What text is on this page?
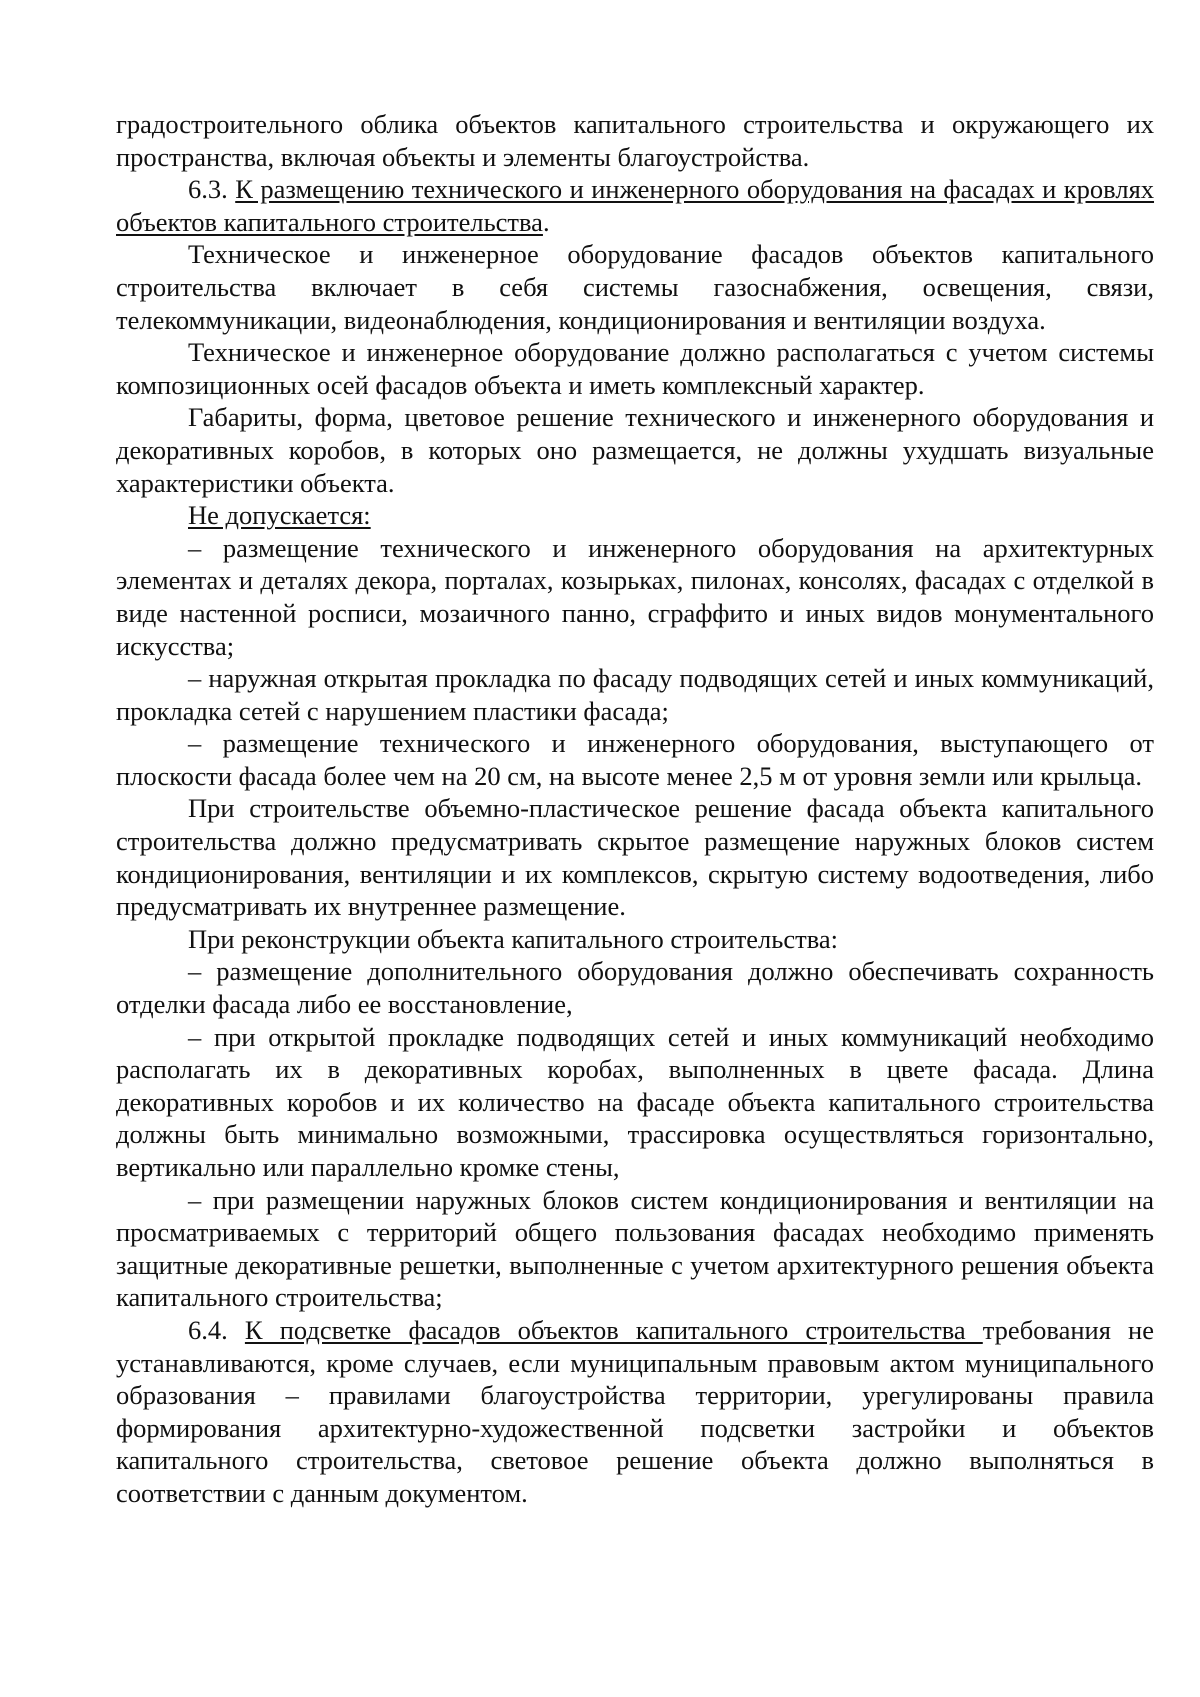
градостроительного облика объектов капитального строительства и окружающего их пространства, включая объекты и элементы благоустройства.

6.3. К размещению технического и инженерного оборудования на фасадах и кровлях объектов капитального строительства.

Техническое и инженерное оборудование фасадов объектов капитального строительства включает в себя системы газоснабжения, освещения, связи, телекоммуникации, видеонаблюдения, кондиционирования и вентиляции воздуха.

Техническое и инженерное оборудование должно располагаться с учетом системы композиционных осей фасадов объекта и иметь комплексный характер.

Габариты, форма, цветовое решение технического и инженерного оборудования и декоративных коробов, в которых оно размещается, не должны ухудшать визуальные характеристики объекта.

Не допускается:

– размещение технического и инженерного оборудования на архитектурных элементах и деталях декора, порталах, козырьках, пилонах, консолях, фасадах с отделкой в виде настенной росписи, мозаичного панно, сграффито и иных видов монументального искусства;

– наружная открытая прокладка по фасаду подводящих сетей и иных коммуникаций, прокладка сетей с нарушением пластики фасада;

– размещение технического и инженерного оборудования, выступающего от плоскости фасада более чем на 20 см, на высоте менее 2,5 м от уровня земли или крыльца.

При строительстве объемно-пластическое решение фасада объекта капитального строительства должно предусматривать скрытое размещение наружных блоков систем кондиционирования, вентиляции и их комплексов, скрытую систему водоотведения, либо предусматривать их внутреннее размещение.

При реконструкции объекта капитального строительства:

– размещение дополнительного оборудования должно обеспечивать сохранность отделки фасада либо ее восстановление,

– при открытой прокладке подводящих сетей и иных коммуникаций необходимо располагать их в декоративных коробах, выполненных в цвете фасада. Длина декоративных коробов и их количество на фасаде объекта капитального строительства должны быть минимально возможными, трассировка осуществляться горизонтально, вертикально или параллельно кромке стены,

– при размещении наружных блоков систем кондиционирования и вентиляции на просматриваемых с территорий общего пользования фасадах необходимо применять защитные декоративные решетки, выполненные с учетом архитектурного решения объекта капитального строительства;

6.4. К подсветке фасадов объектов капитального строительства требования не устанавливаются, кроме случаев, если муниципальным правовым актом муниципального образования – правилами благоустройства территории, урегулированы правила формирования архитектурно-художественной подсветки застройки и объектов капитального строительства, световое решение объекта должно выполняться в соответствии с данным документом.
